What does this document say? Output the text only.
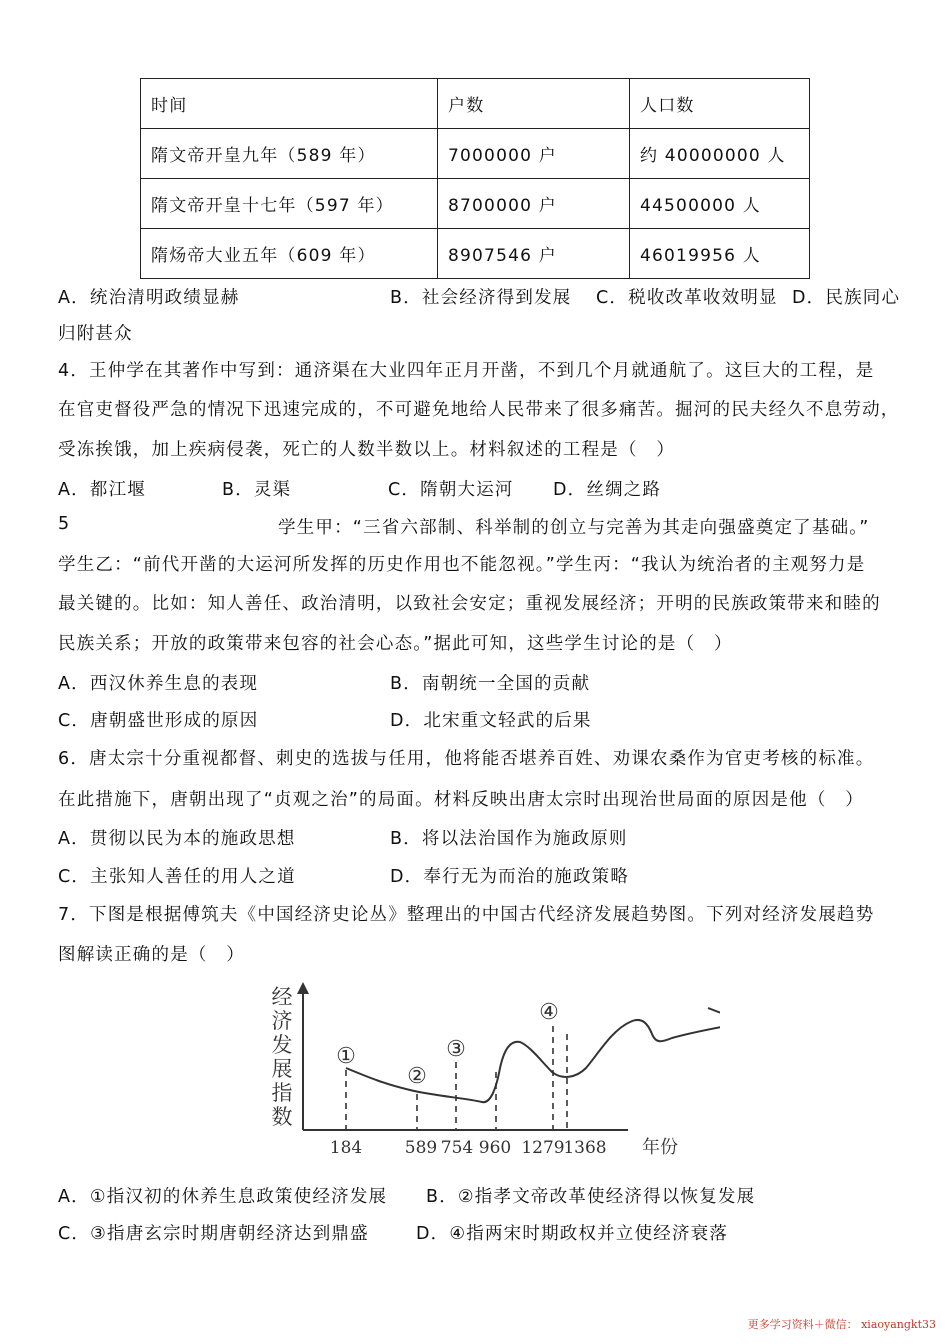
时间	户数	人口数
隋文帝开皇九年（589 年）	7000000 户	约 40000000 人
隋文帝开皇十七年（597 年）	8700000 户	44500000 人
隋炀帝大业五年（609 年）	8907546 户	46019956 人
A．统治清明政绩显赫	B．社会经济得到发展 C．税收改革收效明显 D．民族同心
归附甚众
4．王仲学在其著作中写到：通济渠在大业四年正月开凿，不到几个月就通航了。这巨大的工程，是
在官吏督役严急的情况下迅速完成的，不可避免地给人民带来了很多痛苦。掘河的民夫经久不息劳动，
受冻挨饿，加上疾病侵袭，死亡的人数半数以上。材料叙述的工程是（　）
A．都江堰	B．灵渠	C．隋朝大运河 D．丝绸之路
5	学生甲：“三省六部制、科举制的创立与完善为其走向强盛奠定了基础。”
学生乙：“前代开凿的大运河所发挥的历史作用也不能忽视。”学生丙：“我认为统治者的主观努力是
最关键的。比如：知人善任、政治清明，以致社会安定；重视发展经济；开明的民族政策带来和睦的
民族关系；开放的政策带来包容的社会心态。”据此可知，这些学生讨论的是（　）
A．西汉休养生息的表现	B．南朝统一全国的贡献
C．唐朝盛世形成的原因	D．北宋重文轻武的后果
6．唐太宗十分重视都督、刺史的选拔与任用，他将能否堪养百姓、劝课农桑作为官吏考核的标准。
在此措施下，唐朝出现了“贞观之治”的局面。材料反映出唐太宗时出现治世局面的原因是他（　）
A．贯彻以民为本的施政思想	B．将以法治国作为施政原则
C．主张知人善任的用人之道	D．奉行无为而治的施政策略
7．下图是根据傅筑夫《中国经济史论丛》整理出的中国古代经济发展趋势图。下列对经济发展趋势
图解读正确的是（　）
经济发展指数
①
②
③
④
184	589 754 960 1279
1368 年份
A．①指汉初的休养生息政策使经济发展 B．②指孝文帝改革使经济得以恢复发展
C．③指唐玄宗时期唐朝经济达到鼎盛	D．④指两宋时期政权并立使经济衰落
更多学习资料＋微信： xiaoyangkt33
